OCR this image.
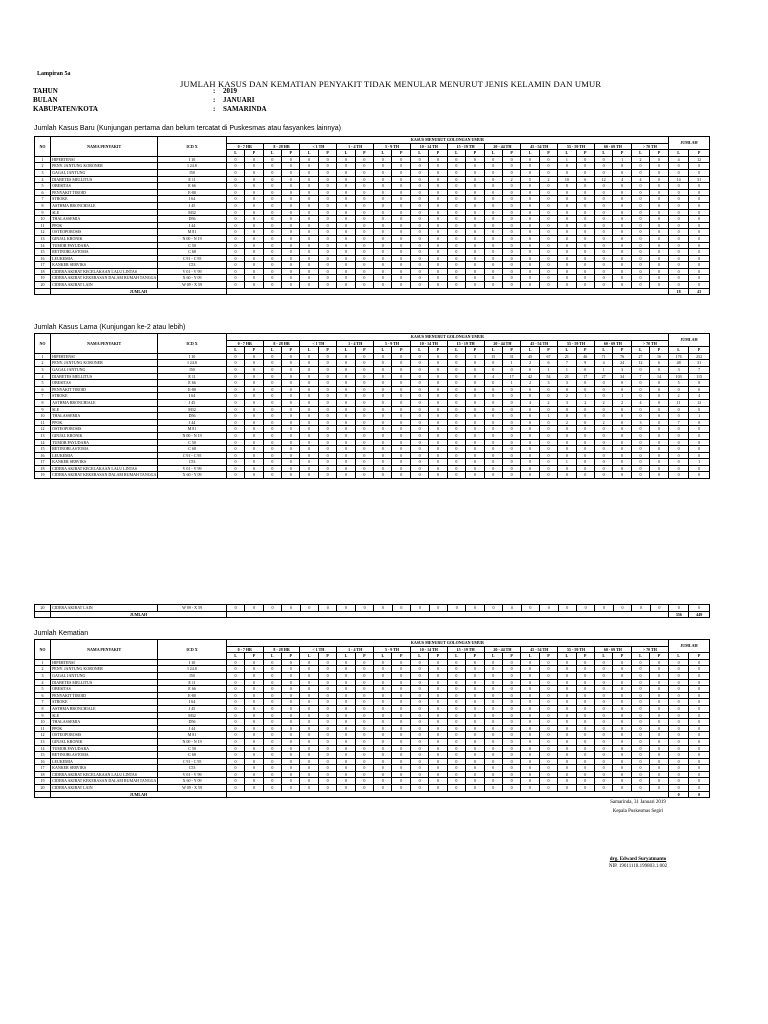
Lampiran 5a
JUMLAH KASUS DAN KEMATIAN PENYAKIT TIDAK MENULAR MENURUT JENIS KELAMIN DAN UMUR
TAHUN	:	2019
BULAN	:	JANUARI
KABUPATEN/KOTA	:	SAMARINDA
Jumlah Kasus Baru (Kunjungan pertama dan belum tercatat di Puskesmas atau fasyankes lainnya)
NO	NAMA PENYAKIT	ICD X	KASUS MENURUT GOLONGAN UMUR																								JUMLAH	
			0 - 7 HR		8 - 28 HR		< 1 TH		1 - 4 TH		5 - 9 TH		10 - 14 TH		15 - 19 TH		20 - 44 TH		45 - 54 TH		55 - 59 TH		60 - 69 TH		> 70 TH			
			L	P	L	P	L	P	L	P	L	P	L	P	L	P	L	P	L	P	L	P	L	P	L	P	L	P
1	HIPERTENSI	I 10	0	0	0	0	0	0	0	0	0	0	0	0	0	0	0	0	0	0	1	0	0	1	2	0	4	12
2	PENY. JANTUNG KORONER	I 24.8	0	0	0	0	0	0	0	0	0	0	0	0	0	0	0	0	0	0	0	0	0	0	0	0	0	0
3	GAGAL JANTUNG	I50	0	0	0	0	0	0	0	0	0	0	0	0	0	0	0	0	0	0	0	0	0	0	0	0	0	0
4	DIABETES MELLITUS	E 11	0	0	0	0	0	0	0	0	0	0	0	0	0	0	0	2	5	2	10	6	12	4	4	0	14	31
5	OBESITAS	E 66	0	0	0	0	0	0	0	0	0	0	0	0	0	0	0	0	0	0	0	0	0	0	0	0	0	0
6	PENYAKIT TIROID	E-80	0	0	0	0	0	0	0	0	0	0	0	0	0	0	0	0	0	0	0	0	0	0	0	0	0	0
7	STROKE	I 64	0	0	0	0	0	0	0	0	0	0	0	0	0	0	0	0	0	0	0	0	0	0	0	0	0	0
8	ASTHMA BRONCHIALE	J 45	0	0	0	0	0	0	0	0	0	0	0	0	0	0	0	0	0	0	0	0	0	0	0	0	0	0
9	SLE	M32	0	0	0	0	0	0	0	0	0	0	0	0	0	0	0	0	0	0	0	0	0	0	0	0	0	0
10	THALASSEMIA	D56	0	0	0	0	0	0	0	0	0	0	0	0	0	0	0	0	0	0	0	0	0	0	0	0	0	0
11	PPOK	J 44	0	0	0	0	0	0	0	0	0	0	0	0	0	0	0	0	0	0	0	0	0	0	0	0	0	0
12	OSTEOPOROSIS	M 81	0	0	0	0	0	0	0	0	0	0	0	0	0	0	0	0	0	0	0	0	0	0	0	0	0	0
13	GINJAL KRONIK	N 00 - N 19	0	0	0	0	0	0	0	0	0	0	0	0	0	0	0	0	0	0	0	0	0	0	0	0	0	0
14	TUMOR PAYUDARA	C 50	0	0	0	0	0	0	0	0	0	0	0	0	0	0	0	0	0	0	0	0	0	0	0	0	0	0
15	RETINOBLASTOMA	C 68	0	0	0	0	0	0	0	0	0	0	0	0	0	0	0	0	0	0	0	0	0	0	0	0	0	0
16	LEUKEMIA	C 91 - C 95	0	0	0	0	0	0	0	0	0	0	0	0	0	0	0	0	0	0	0	0	0	0	0	0	0	0
17	KANKER SERVIKS	C53	0	0	0	0	0	0	0	0	0	0	0	0	0	0	0	0	0	0	0	0	0	0	0	0	0	0
18	CIDERA AKIBAT KECELAKAAN LALU LINTAS	V 01 - V 99	0	0	0	0	0	0	0	0	0	0	0	0	0	0	0	0	0	0	0	0	0	0	0	0	0	0
19	CIDERA AKIBAT KEKERASAN DALAM RUMAH TANGGA	X 60 - Y 09	0	0	0	0	0	0	0	0	0	0	0	0	0	0	0	0	0	0	0	0	0	0	0	0	0	0
20	CIDERA AKIBAT LAIN	W 09 - X 59	0	0	0	0	0	0	0	0	0	0	0	0	0	0	0	0	0	0	0	0	0	0	0	0	0	0
	JUMLAH																										18	43
Jumlah Kasus Lama (Kunjungan ke-2 atau lebih)
NO	NAMA PENYAKIT	ICD X	KASUS MENURUT GOLONGAN UMUR																								JUMLAH	
			0 - 7 HR		8 - 28 HR		< 1 TH		1 - 4 TH		5 - 9 TH		10 - 14 TH		15 - 19 TH		20 - 44 TH		45 - 54 TH		55 - 59 TH		60 - 69 TH		> 70 TH			
			L	P	L	P	L	P	L	P	L	P	L	P	L	P	L	P	L	P	L	P	L	P	L	P	L	P
1	HIPERTENSI	I 10	0	0	0	0	0	0	0	0	0	0	0	0	0	3	15	31	45	67	21	46	71	76	27	16	176	252
2	PENY. JANTUNG KORONER	I 24.8	0	0	0	0	0	0	0	0	0	0	0	0	0	0	0	1	2	6	7	9	4	24	12	6	48	31
3	GAGAL JANTUNG	I50	0	0	0	0	0	0	0	0	0	0	0	0	0	0	0	0	0	1	1	0	1	3	0	0	3	7
4	DIABETES MELLITUS	E 11	0	0	0	0	0	0	0	0	0	0	0	0	0	0	4	17	42	54	21	17	27	34	7	14	103	115
5	OBESITAS	E 66	0	0	0	0	0	0	0	0	0	0	0	0	0	0	0	1	2	3	3	0	0	0	0	0	5	8
6	PENYAKIT TIROID	E-80	0	0	0	0	0	0	0	0	0	0	0	0	0	0	0	0	0	0	0	0	0	0	0	0	0	0
7	STROKE	I 64	0	0	0	0	0	0	0	0	0	0	0	0	0	0	0	0	0	0	2	1	0	1	0	0	2	4
8	ASTHMA BRONCHIALE	J 45	0	0	0	0	0	0	0	0	0	0	0	0	0	0	0	0	4	2	3	2	2	2	4	0	11	12
9	SLE	M32	0	0	0	0	0	0	0	0	0	0	0	0	0	0	0	0	0	0	0	0	0	0	0	0	0	0
10	THALASSEMIA	D56	0	0	0	0	0	0	0	0	0	0	0	0	0	0	0	0	0	1	0	0	0	0	0	0	0	1
11	PPOK	J 44	0	0	0	0	0	0	0	0	0	0	0	0	0	0	0	0	0	0	2	0	2	0	3	0	7	0
12	OSTEOPOROSIS	M 81	0	0	0	0	0	0	0	0	0	0	0	0	0	0	0	0	0	0	0	0	0	0	0	0	0	0
13	GINJAL KRONIK	N 00 - N 19	0	0	0	0	0	0	0	0	0	0	0	0	0	0	0	0	0	0	0	0	0	0	0	0	0	0
14	TUMOR PAYUDARA	C 50	0	0	0	0	0	0	0	0	0	0	0	0	0	0	0	0	0	0	0	0	0	0	0	0	0	0
15	RETINOBLASTOMA	C 68	0	0	0	0	0	0	0	0	0	0	0	0	0	0	0	0	0	0	0	0	0	0	0	0	0	0
16	LEUKEMIA	C 91 - C 95	0	0	0	0	0	0	0	0	0	0	0	0	0	0	0	0	0	0	0	0	0	0	0	0	0	0
17	KANKER SERVIKS	C53	0	0	0	0	0	0	0	0	0	0	0	0	0	0	0	0	0	0	1	0	0	0	0	0	0	1
18	CIDERA AKIBAT KECELAKAAN LALU LINTAS	V 01 - V 99	0	0	0	0	0	0	0	0	0	0	0	0	0	0	0	0	0	0	0	0	0	0	0	0	0	0
19	CIDERA AKIBAT KEKERASAN DALAM RUMAH TANGGA	X 60 - Y 09	0	0	0	0	0	0	0	0	0	0	0	0	0	0	0	0	0	0	0	0	0	0	0	0	0	0
20	CIDERA AKIBAT LAIN	W 09 - X 59	0	0	0	0	0	0	0	0	0	0	0	0	0	0	0	0	0	0	0	0	0	0	0	0	0	0
	JUMLAH																										356	449
Jumlah Kematian
NO	NAMA PENYAKIT	ICD X	KASUS MENURUT GOLONGAN UMUR																								JUMLAH	
			0 - 7 HR		8 - 28 HR		< 1 TH		1 - 4 TH		5 - 9 TH		10 - 14 TH		15 - 19 TH		20 - 44 TH		45 - 54 TH		55 - 59 TH		60 - 69 TH		> 70 TH			
			L	P	L	P	L	P	L	P	L	P	L	P	L	P	L	P	L	P	L	P	L	P	L	P	L	P
1	HIPERTENSI	I 10	0	0	0	0	0	0	0	0	0	0	0	0	0	0	0	0	0	0	0	0	0	0	0	0	0	0
2	PENY. JANTUNG KORONER	I 24.8	0	0	0	0	0	0	0	0	0	0	0	0	0	0	0	0	0	0	0	0	0	0	0	0	0	0
3	GAGAL JANTUNG	I50	0	0	0	0	0	0	0	0	0	0	0	0	0	0	0	0	0	0	0	0	0	0	0	0	0	0
4	DIABETES MELLITUS	E 11	0	0	0	0	0	0	0	0	0	0	0	0	0	0	0	0	0	0	0	0	0	0	0	0	0	0
5	OBESITAS	E 66	0	0	0	0	0	0	0	0	0	0	0	0	0	0	0	0	0	0	0	0	0	0	0	0	0	0
6	PENYAKIT TIROID	E-80	0	0	0	0	0	0	0	0	0	0	0	0	0	0	0	0	0	0	0	0	0	0	0	0	0	0
7	STROKE	I 64	0	0	0	0	0	0	0	0	0	0	0	0	0	0	0	0	0	0	0	0	0	0	0	0	0	0
8	ASTHMA BRONCHIALE	J 45	0	0	0	0	0	0	0	0	0	0	0	0	0	0	0	0	0	0	0	0	0	0	0	0	0	0
9	SLE	M32	0	0	0	0	0	0	0	0	0	0	0	0	0	0	0	0	0	0	0	0	0	0	0	0	0	0
10	THALASSEMIA	D56	0	0	0	0	0	0	0	0	0	0	0	0	0	0	0	0	0	0	0	0	0	0	0	0	0	0
11	PPOK	J 44	0	0	0	0	0	0	0	0	0	0	0	0	0	0	0	0	0	0	0	0	0	0	0	0	0	0
12	OSTEOPOROSIS	M 81	0	0	0	0	0	0	0	0	0	0	0	0	0	0	0	0	0	0	0	0	0	0	0	0	0	0
13	GINJAL KRONIK	N 00 - N 19	0	0	0	0	0	0	0	0	0	0	0	0	0	0	0	0	0	0	0	0	0	0	0	0	0	0
14	TUMOR PAYUDARA	C 50	0	0	0	0	0	0	0	0	0	0	0	0	0	0	0	0	0	0	0	0	0	0	0	0	0	0
15	RETINOBLASTOMA	C 68	0	0	0	0	0	0	0	0	0	0	0	0	0	0	0	0	0	0	0	0	0	0	0	0	0	0
16	LEUKEMIA	C 91 - C 95	0	0	0	0	0	0	0	0	0	0	0	0	0	0	0	0	0	0	0	0	0	0	0	0	0	0
17	KANKER SERVIKS	C53	0	0	0	0	0	0	0	0	0	0	0	0	0	0	0	0	0	0	0	0	0	0	0	0	0	0
18	CIDERA AKIBAT KECELAKAAN LALU LINTAS	V 01 - V 99	0	0	0	0	0	0	0	0	0	0	0	0	0	0	0	0	0	0	0	0	0	0	0	0	0	0
19	CIDERA AKIBAT KEKERASAN DALAM RUMAH TANGGA	X 60 - Y 09	0	0	0	0	0	0	0	0	0	0	0	0	0	0	0	0	0	0	0	0	0	0	0	0	0	0
20	CIDERA AKIBAT LAIN	W 09 - X 59	0	0	0	0	0	0	0	0	0	0	0	0	0	0	0	0	0	0	0	0	0	0	0	0	0	0
	JUMLAH																										0	0
Samarinda, 31 Januari 2019
Kepala Puskesmas Segiri
drg. Edward Suryatmanto
NIP. 19611118.199803.1.002
